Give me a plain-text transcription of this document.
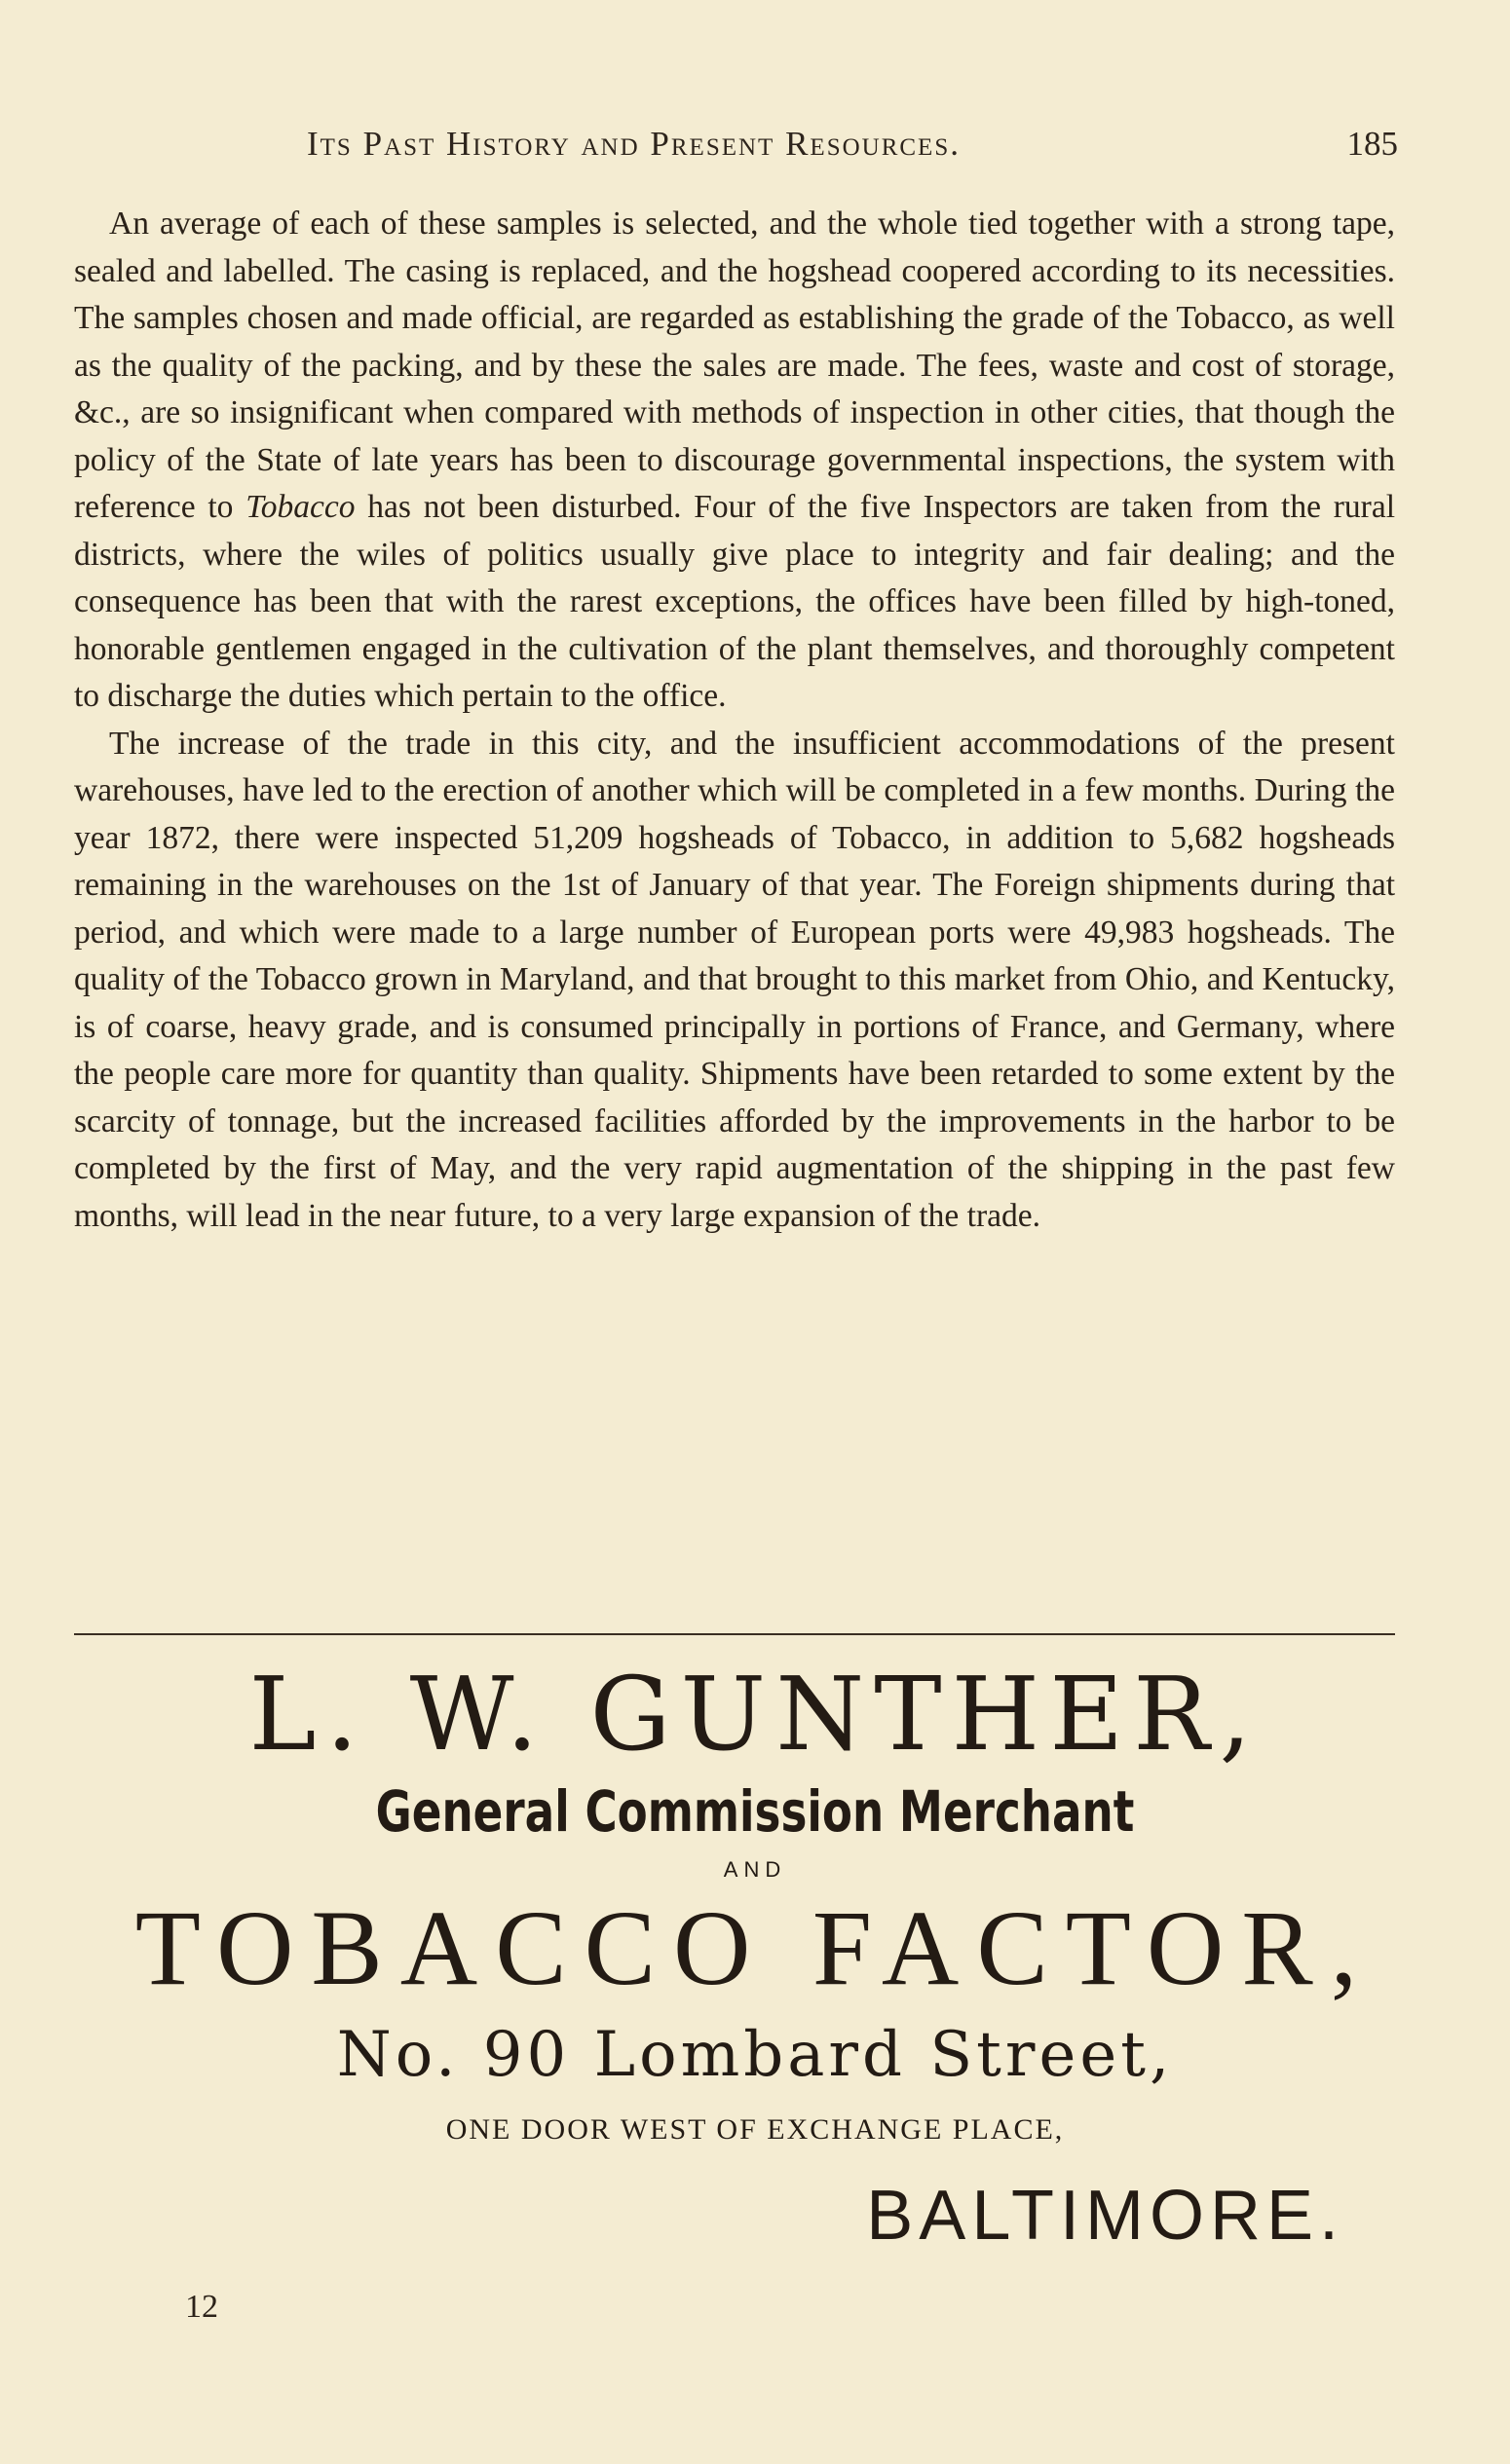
Its Past History and Present Resources.	185

An average of each of these samples is selected, and the whole tied together with a strong tape, sealed and labelled. The casing is replaced, and the hogshead coopered according to its necessities. The samples chosen and made official, are regarded as establishing the grade of the Tobacco, as well as the quality of the packing, and by these the sales are made. The fees, waste and cost of storage, &c., are so insignificant when compared with methods of inspection in other cities, that though the policy of the State of late years has been to discourage governmental inspections, the system with reference to Tobacco has not been disturbed. Four of the five Inspectors are taken from the rural districts, where the wiles of politics usually give place to integrity and fair dealing; and the consequence has been that with the rarest exceptions, the offices have been filled by high-toned, honorable gentlemen engaged in the cultivation of the plant themselves, and thoroughly competent to discharge the duties which pertain to the office.

The increase of the trade in this city, and the insufficient accommodations of the present warehouses, have led to the erection of another which will be completed in a few months. During the year 1872, there were inspected 51,209 hogsheads of Tobacco, in addition to 5,682 hogsheads remaining in the warehouses on the 1st of January of that year. The Foreign shipments during that period, and which were made to a large number of European ports were 49,983 hogsheads. The quality of the Tobacco grown in Maryland, and that brought to this market from Ohio, and Kentucky, is of coarse, heavy grade, and is consumed principally in portions of France, and Germany, where the people care more for quantity than quality. Shipments have been retarded to some extent by the scarcity of tonnage, but the increased facilities afforded by the improvements in the harbor to be completed by the first of May, and the very rapid augmentation of the shipping in the past few months, will lead in the near future, to a very large expansion of the trade.

L. W. GUNTHER,
General Commission Merchant
AND
TOBACCO FACTOR,
No. 90 Lombard Street,
ONE DOOR WEST OF EXCHANGE PLACE,
BALTIMORE.
12
